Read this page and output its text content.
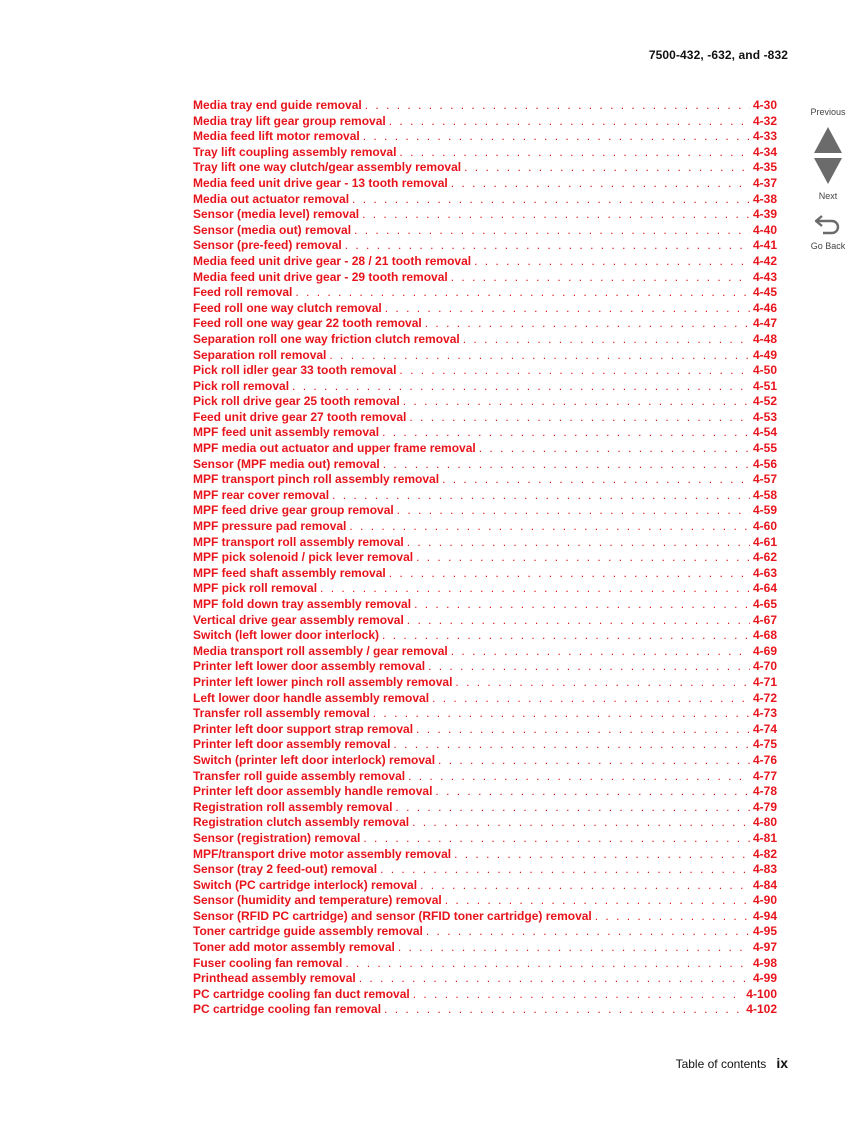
7500-432, -632, and -832
Media tray end guide removal . . .	4-30
Media tray lift gear group removal . . .	4-32
Media feed lift motor removal . . .	4-33
Tray lift coupling assembly removal . . .	4-34
Tray lift one way clutch/gear assembly removal . . .	4-35
Media feed unit drive gear - 13 tooth removal . . .	4-37
Media out actuator removal . . .	4-38
Sensor (media level) removal . . .	4-39
Sensor (media out) removal . . .	4-40
Sensor (pre-feed) removal . . .	4-41
Media feed unit drive gear - 28 / 21 tooth removal . . .	4-42
Media feed unit drive gear - 29 tooth removal . . .	4-43
Feed roll removal . . .	4-45
Feed roll one way clutch removal . . .	4-46
Feed roll one way gear 22 tooth removal . . .	4-47
Separation roll one way friction clutch removal . . .	4-48
Separation roll removal . . .	4-49
Pick roll idler gear 33 tooth removal . . .	4-50
Pick roll removal . . .	4-51
Pick roll drive gear 25 tooth removal . . .	4-52
Feed unit drive gear 27 tooth removal . . .	4-53
MPF feed unit assembly removal . . .	4-54
MPF media out actuator and upper frame removal . . .	4-55
Sensor (MPF media out) removal . . .	4-56
MPF transport pinch roll assembly removal . . .	4-57
MPF rear cover removal . . .	4-58
MPF feed drive gear group removal . . .	4-59
MPF pressure pad removal . . .	4-60
MPF transport roll assembly removal . . .	4-61
MPF pick solenoid / pick lever removal . . .	4-62
MPF feed shaft assembly removal . . .	4-63
MPF pick roll removal . . .	4-64
MPF fold down tray assembly removal . . .	4-65
Vertical drive gear assembly removal . . .	4-67
Switch (left lower door interlock) . . .	4-68
Media transport roll assembly / gear removal . . .	4-69
Printer left lower door assembly removal . . .	4-70
Printer left lower pinch roll assembly removal . . .	4-71
Left lower door handle assembly removal . . .	4-72
Transfer roll assembly removal . . .	4-73
Printer left door support strap removal . . .	4-74
Printer left door assembly removal . . .	4-75
Switch (printer left door interlock) removal . . .	4-76
Transfer roll guide assembly removal . . .	4-77
Printer left door assembly handle removal . . .	4-78
Registration roll assembly removal . . .	4-79
Registration clutch assembly removal . . .	4-80
Sensor (registration) removal . . .	4-81
MPF/transport drive motor assembly removal . . .	4-82
Sensor (tray 2 feed-out) removal . . .	4-83
Switch (PC cartridge interlock) removal . . .	4-84
Sensor (humidity and temperature) removal . . .	4-90
Sensor (RFID PC cartridge) and sensor (RFID toner cartridge) removal . . .	4-94
Toner cartridge guide assembly removal . . .	4-95
Toner add motor assembly removal . . .	4-97
Fuser cooling fan removal . . .	4-98
Printhead assembly removal . . .	4-99
PC cartridge cooling fan duct removal . . .	4-100
PC cartridge cooling fan removal . . .	4-102
Previous
Next
Go Back
Table of contents ix
